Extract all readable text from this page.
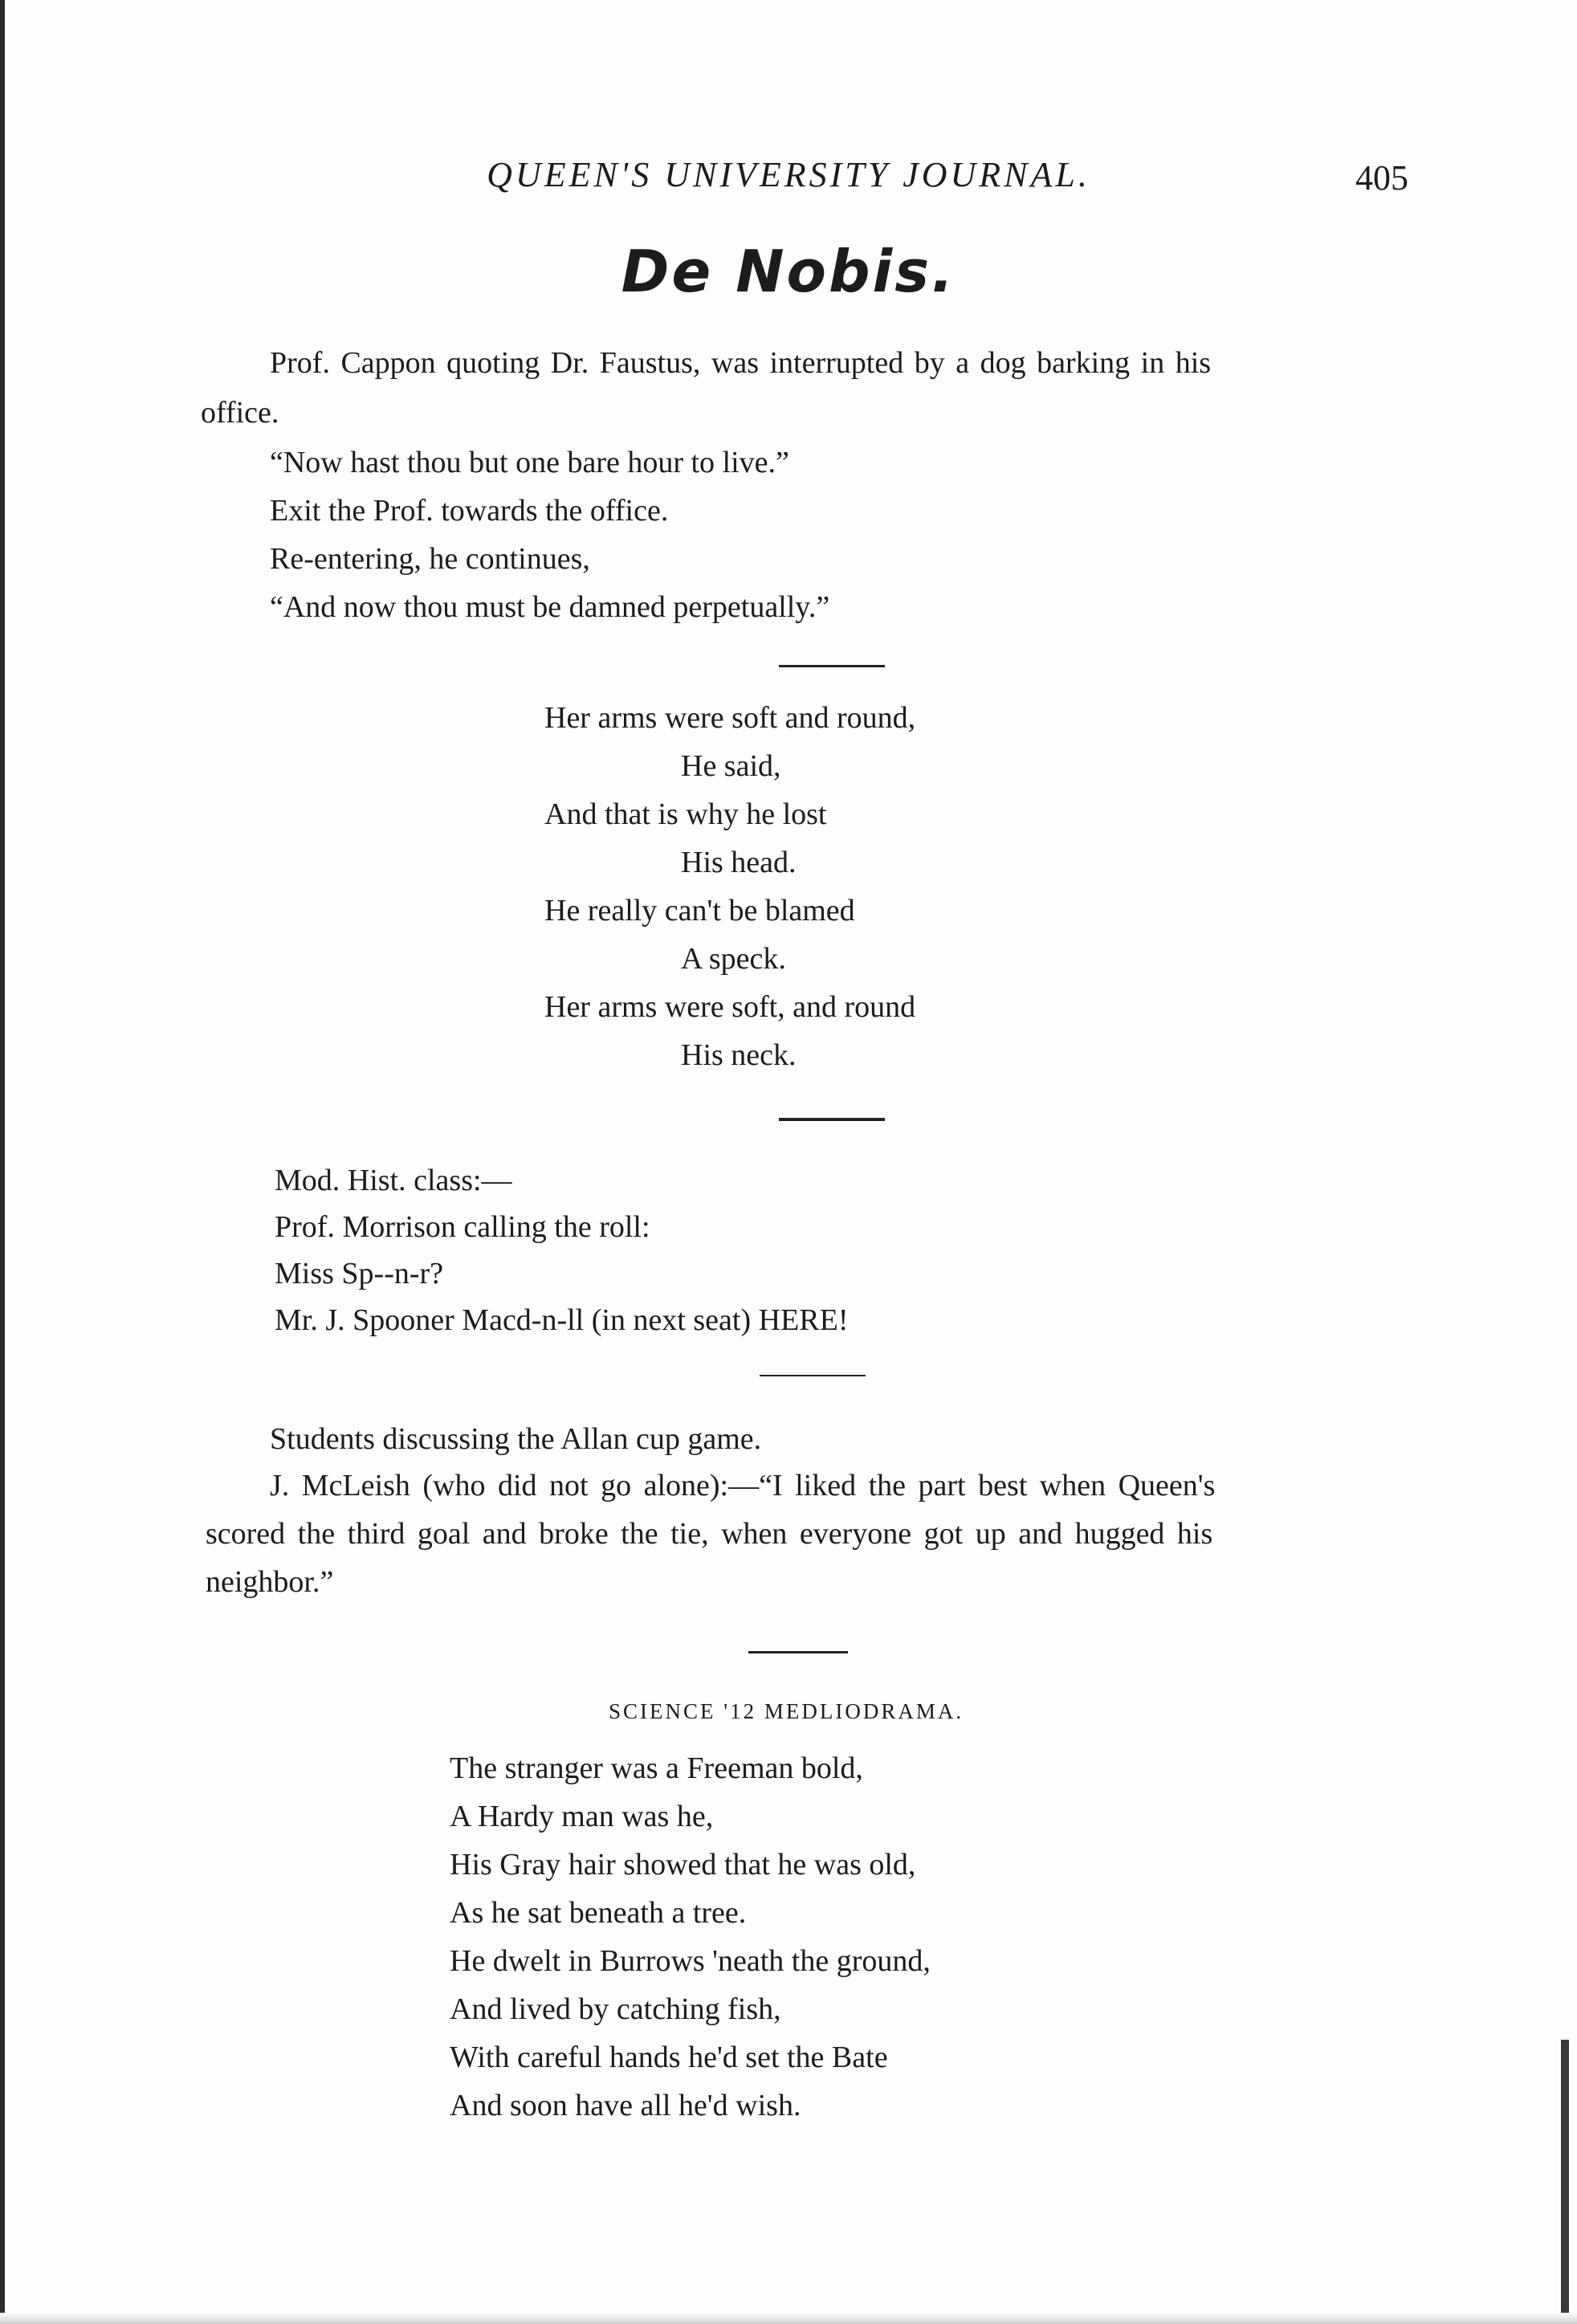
QUEEN'S UNIVERSITY JOURNAL.	405
De Nobis.
Prof. Cappon quoting Dr. Faustus, was interrupted by a dog barking in his
office.
“Now hast thou but one bare hour to live.”
Exit the Prof. towards the office.
Re-entering, he continues,
“And now thou must be damned perpetually.”
Her arms were soft and round,
He said,
And that is why he lost
His head.
He really can't be blamed
A speck.
Her arms were soft, and round
His neck.
Mod. Hist. class:—
Prof. Morrison calling the roll:
Miss Sp--n-r?
Mr. J. Spooner Macd-n-ll (in next seat) HERE!
Students discussing the Allan cup game.
J. McLeish (who did not go alone):—“I liked the part best when Queen's
scored the third goal and broke the tie, when everyone got up and hugged his
neighbor.”
SCIENCE '12 MEDLIODRAMA.
The stranger was a Freeman bold,
A Hardy man was he,
His Gray hair showed that he was old,
As he sat beneath a tree.
He dwelt in Burrows 'neath the ground,
And lived by catching fish,
With careful hands he'd set the Bate
And soon have all he'd wish.
